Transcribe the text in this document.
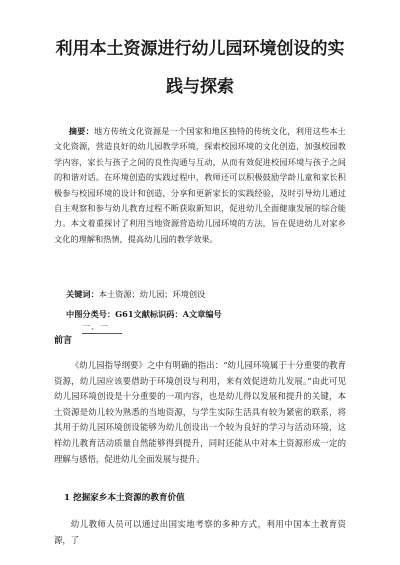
利用本土资源进行幼儿园环境创设的实
践与探索

摘要：地方传统文化资源是一个国家和地区独特的传统文化，利用这些本土文化资源，营造良好的幼儿园教学环境，探索校园环境的文化创造，加强校园教学内容，家长与孩子之间的良性沟通与互动，从而有效促进校园环境与孩子之间的和谐对话。在环境创造的实践过程中，教师还可以积极鼓励学龄儿童和家长积极参与校园环境的设计和创造，分享和更新家长的实践经验，及时引导幼儿通过自主观察和参与幼儿教育过程不断获取新知识，促进幼儿全面健康发展的综合能力。本文着重探讨了利用当地资源营造幼儿园环境的方法，旨在促进幼儿对家乡文化的理解和热情，提高幼儿园的教学效果。

关键词：本土资源；幼儿园；环境创设

中图分类号：G61文献标识码：A文章编号

一、一

前言

《幼儿园指导纲要》之中有明确的指出：“幼儿园环境属于十分重要的教育资源，幼儿园应该要借助于环境创设与利用，来有效促进幼儿发展。”由此可见幼儿园环境创设是十分重要的一项内容，也是幼儿得以发展和提升的关键，本土资源是幼儿较为熟悉的当地资源，与学生实际生活具有较为紧密的联系，将其用于幼儿园环境创设能够为幼儿创设出一个较为良好的学习与活动环境，这样幼儿教育活动质量自然能够得到提升，同时还能从中对本土资源形成一定的理解与感悟，促进幼儿全面发展与提升。

1 挖掘家乡本土资源的教育价值

幼儿教师人员可以通过出国实地考察的多种方式，利用中国本土教育资源，了
